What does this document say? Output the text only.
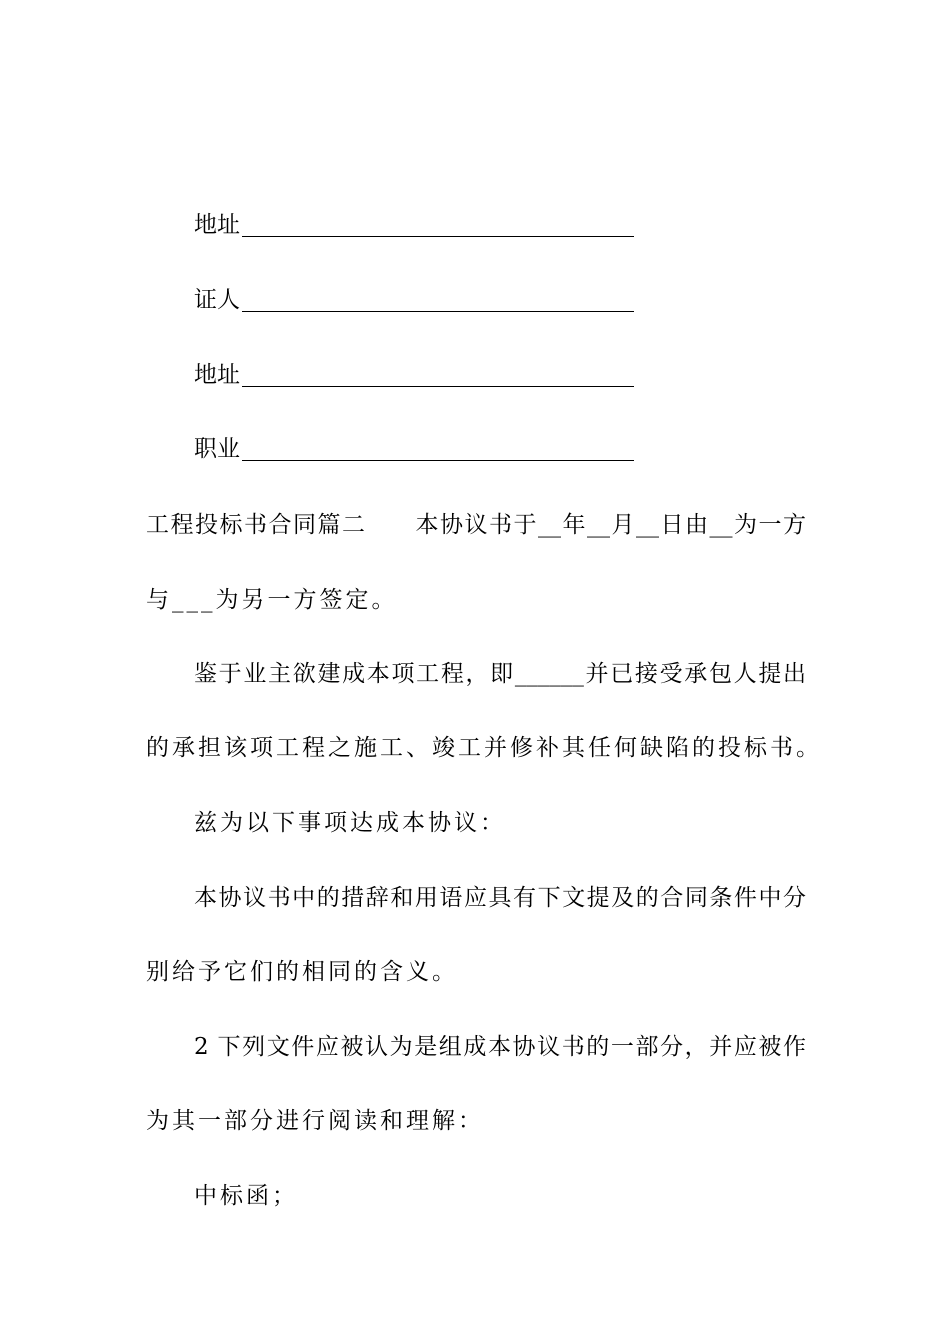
地址
证人
地址
职业
工程投标书合同篇二　　本协议书于__年__月__日由__为一方
与___为另一方签定。
鉴于业主欲建成本项工程，即______并已接受承包人提出
的承担该项工程之施工、竣工并修补其任何缺陷的投标书。
兹为以下事项达成本协议：
本协议书中的措辞和用语应具有下文提及的合同条件中分
别给予它们的相同的含义。
2 下列文件应被认为是组成本协议书的一部分，并应被作
为其一部分进行阅读和理解：
中标函；
